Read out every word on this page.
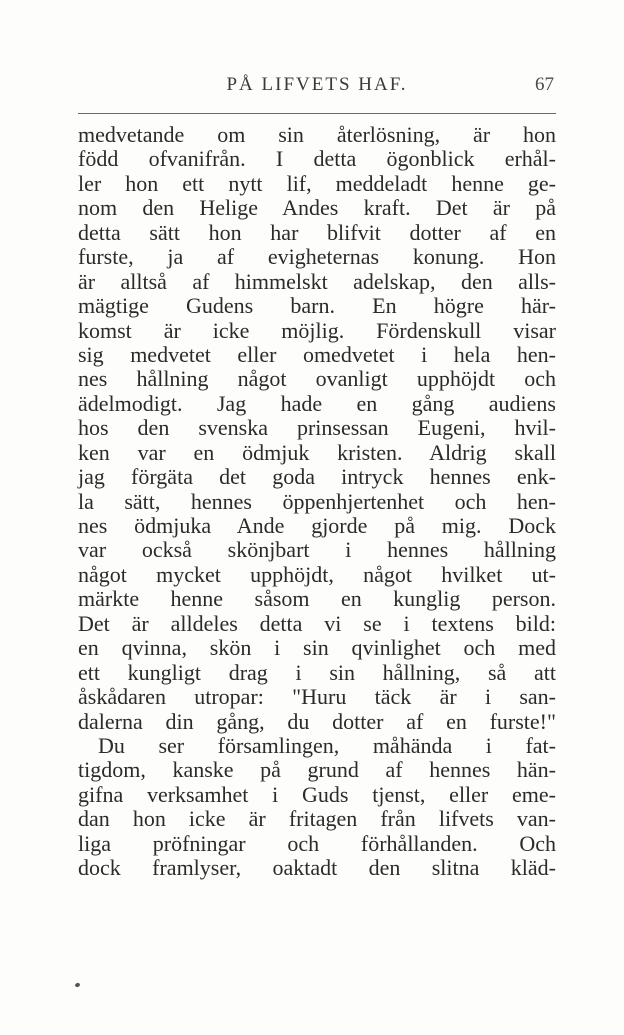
PÅ LIFVETS HAF.	67
medvetande om sin återlösning, är hon
född ofvanifrån. I detta ögonblick erhål-
ler hon ett nytt lif, meddeladt henne ge-
nom den Helige Andes kraft. Det är på
detta sätt hon har blifvit dotter af en
furste, ja af evigheternas konung. Hon
är alltså af himmelskt adelskap, den alls-
mägtige Gudens barn. En högre här-
komst är icke möjlig. Fördenskull visar
sig medvetet eller omedvetet i hela hen-
nes hållning något ovanligt upphöjdt och
ädelmodigt. Jag hade en gång audiens
hos den svenska prinsessan Eugeni, hvil-
ken var en ödmjuk kristen. Aldrig skall
jag förgäta det goda intryck hennes enk-
la sätt, hennes öppenhjertenhet och hen-
nes ödmjuka Ande gjorde på mig. Dock
var också skönjbart i hennes hållning
något mycket upphöjdt, något hvilket ut-
märkte henne såsom en kunglig person.
Det är alldeles detta vi se i textens bild:
en qvinna, skön i sin qvinlighet och med
ett kungligt drag i sin hållning, så att
åskådaren utropar: "Huru täck är i san-
dalerna din gång, du dotter af en furste!"
Du ser församlingen, måhända i fat-
tigdom, kanske på grund af hennes hän-
gifna verksamhet i Guds tjenst, eller eme-
dan hon icke är fritagen från lifvets van-
liga pröfningar och förhållanden. Och
dock framlyser, oaktadt den slitna kläd-
